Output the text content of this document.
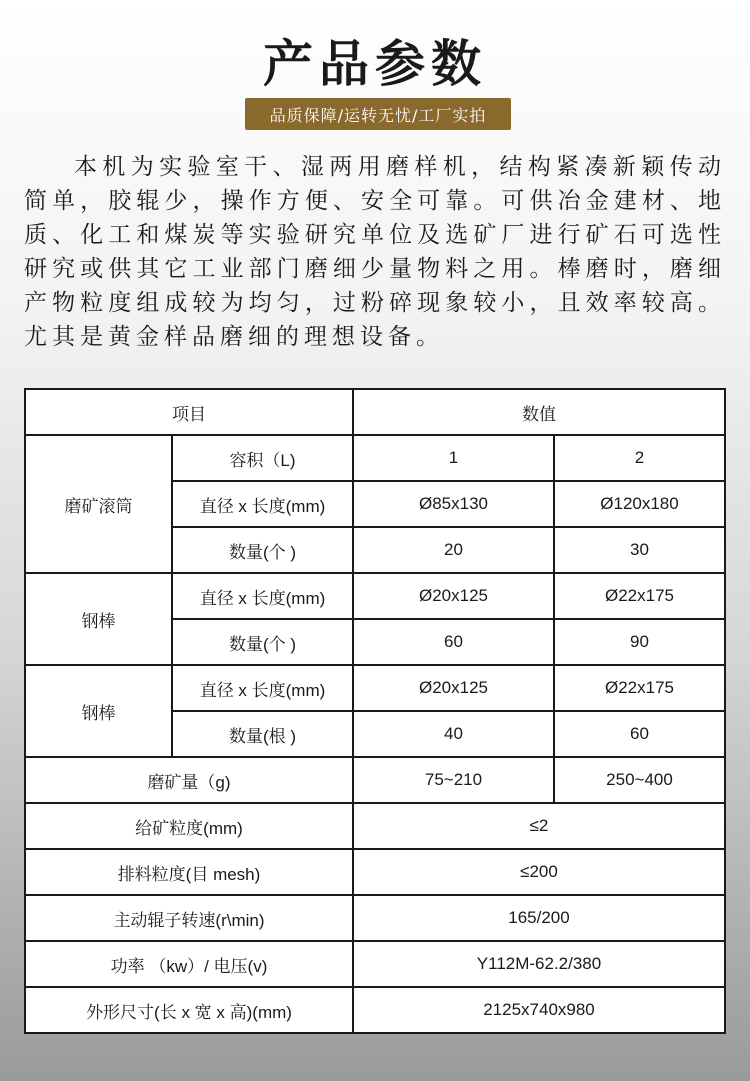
产品参数
品质保障/运转无忧/工厂实拍

本机为实验室干、湿两用磨样机，结构紧凑新颖传动简单，胶辊少，操作方便、安全可靠。可供冶金建材、地质、化工和煤炭等实验研究单位及选矿厂进行矿石可选性研究或供其它工业部门磨细少量物料之用。棒磨时，磨细产物粒度组成较为均匀，过粉碎现象较小，且效率较高。尤其是黄金样品磨细的理想设备。

项目		数值	
磨矿滚筒	容积（L)	1	2
	直径 x 长度(mm)	Ø85x130	Ø120x180
	数量(个 )	20	30
钢棒	直径 x 长度(mm)	Ø20x125	Ø22x175
	数量(个 )	60	90
钢棒	直径 x 长度(mm)	Ø20x125	Ø22x175
	数量(根 )	40	60
磨矿量（g)		75~210	250~400
给矿粒度(mm)		≤2	
排料粒度(目 mesh)		≤200	
主动辊子转速(r\min)		165/200	
功率 （kw）/ 电压(v)		Y112M-62.2/380	
外形尺寸(长 x 宽 x 高)(mm)		2125x740x980	
